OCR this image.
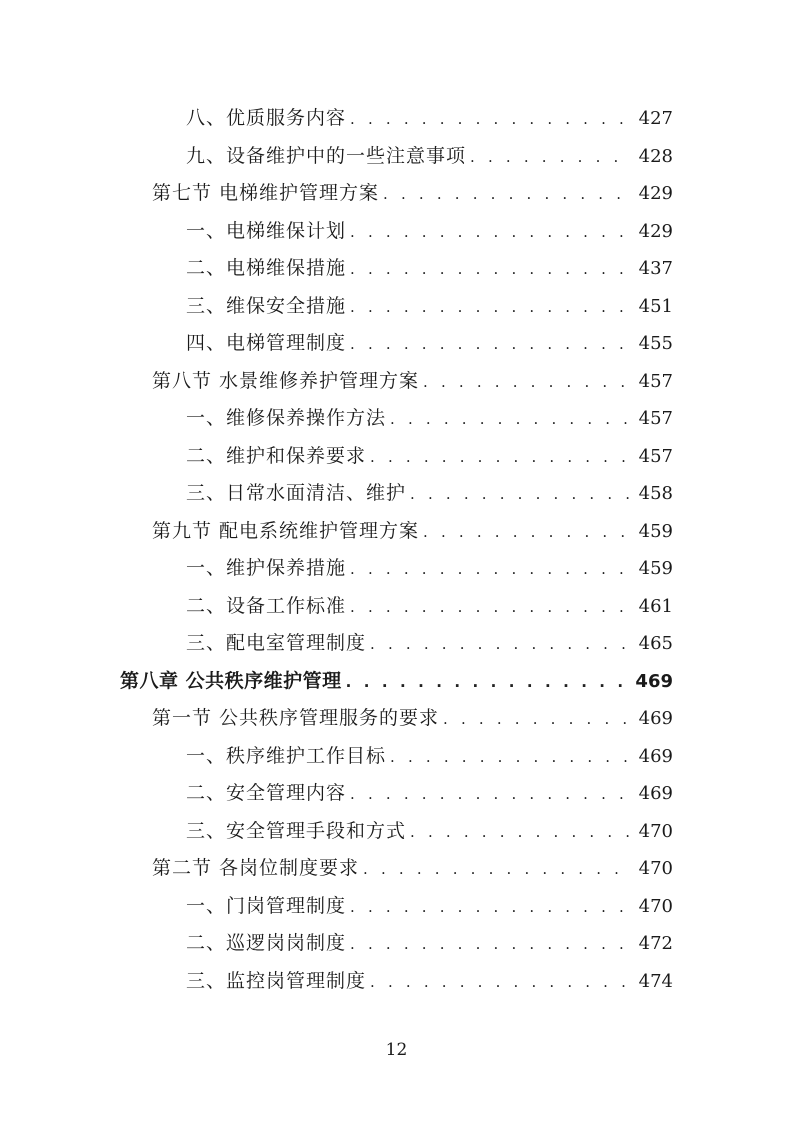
八、优质服务内容 . . .	427
九、设备维护中的一些注意事项 . . .	428
第七节 电梯维护管理方案 . . .	429
一、电梯维保计划 . . .	429
二、电梯维保措施 . . .	437
三、维保安全措施 . . .	451
四、电梯管理制度 . . .	455
第八节 水景维修养护管理方案 . . .	457
一、维修保养操作方法 . . .	457
二、维护和保养要求 . . .	457
三、日常水面清洁、维护 . . .	458
第九节 配电系统维护管理方案 . . .	459
一、维护保养措施 . . .	459
二、设备工作标准 . . .	461
三、配电室管理制度 . . .	465
第八章 公共秩序维护管理 . . .	469
第一节 公共秩序管理服务的要求 . . .	469
一、秩序维护工作目标 . . .	469
二、安全管理内容 . . .	469
三、安全管理手段和方式 . . .	470
第二节 各岗位制度要求 . . .	470
一、门岗管理制度 . . .	470
二、巡逻岗岗制度 . . .	472
三、监控岗管理制度 . . .	474
12
